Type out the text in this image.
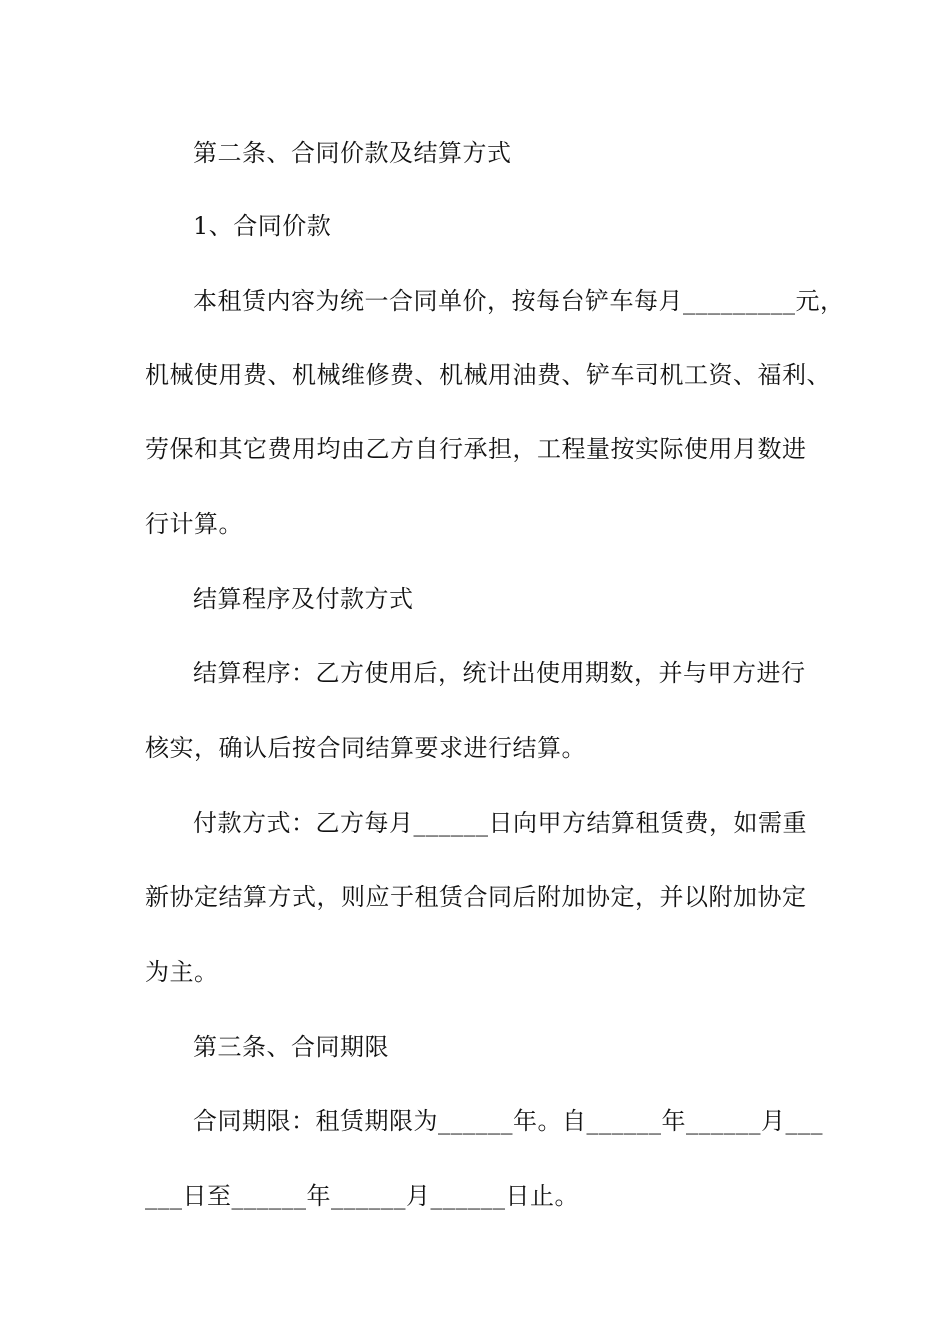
第二条、合同价款及结算方式

1、合同价款

本租赁内容为统一合同单价，按每台铲车每月_________元，

机械使用费、机械维修费、机械用油费、铲车司机工资、福利、

劳保和其它费用均由乙方自行承担，工程量按实际使用月数进

行计算。

结算程序及付款方式

结算程序：乙方使用后，统计出使用期数，并与甲方进行

核实，确认后按合同结算要求进行结算。

付款方式：乙方每月______日向甲方结算租赁费，如需重

新协定结算方式，则应于租赁合同后附加协定，并以附加协定

为主。

第三条、合同期限

合同期限：租赁期限为______年。自______年______月___

___日至______年______月______日止。
